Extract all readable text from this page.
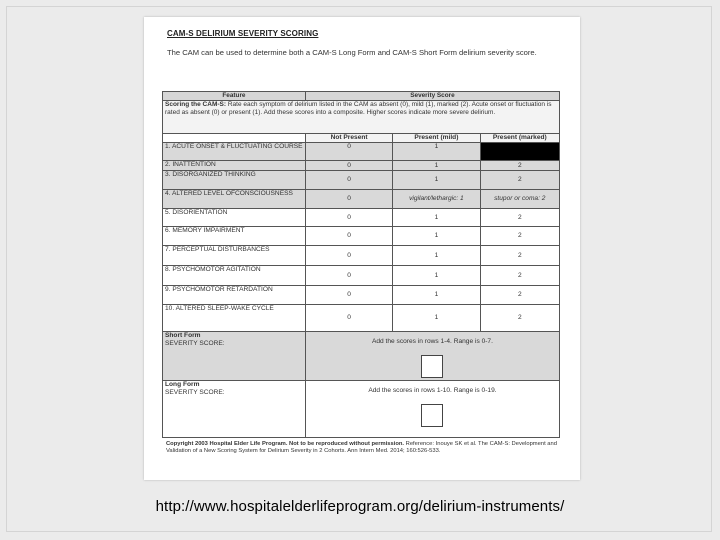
CAM-S DELIRIUM SEVERITY SCORING
The CAM can be used to determine both a CAM-S Long Form and CAM-S Short Form delirium severity score.
Feature	Severity Score		
Scoring the CAM-S: Rate each symptom of delirium listed in the CAM as absent (0), mild (1), marked (2). Acute onset or fluctuation is rated as absent (0) or present (1). Add these scores into a composite. Higher scores indicate more severe delirium.			
	Not Present	Present (mild)	Present (marked)
1. ACUTE ONSET & FLUCTUATING COURSE	0	1	
2. INATTENTION	0	1	2
3. DISORGANIZED THINKING	0	1	2
4. ALTERED LEVEL OFCONSCIOUSNESS	0	vigilant/lethargic: 1	stupor or coma: 2
5. DISORIENTATION	0	1	2
6. MEMORY IMPAIRMENT	0	1	2
7. PERCEPTUAL DISTURBANCES	0	1	2
8. PSYCHOMOTOR AGITATION	0	1	2
9. PSYCHOMOTOR RETARDATION	0	1	2
10. ALTERED SLEEP-WAKE CYCLE	0	1	2

Short Form
SEVERITY SCORE:	Add the scores in rows 1-4. Range is 0-7.		

Long Form
SEVERITY SCORE:	Add the scores in rows 1-10. Range is 0-19.		
Copyright 2003 Hospital Elder Life Program. Not to be reproduced without permission. Reference: Inouye SK et al. The CAM-S: Development and Validation of a New Scoring System for Delirium Severity in 2 Cohorts. Ann Intern Med. 2014; 160:526-533.
http://www.hospitalelderlifeprogram.org/delirium-instruments/
